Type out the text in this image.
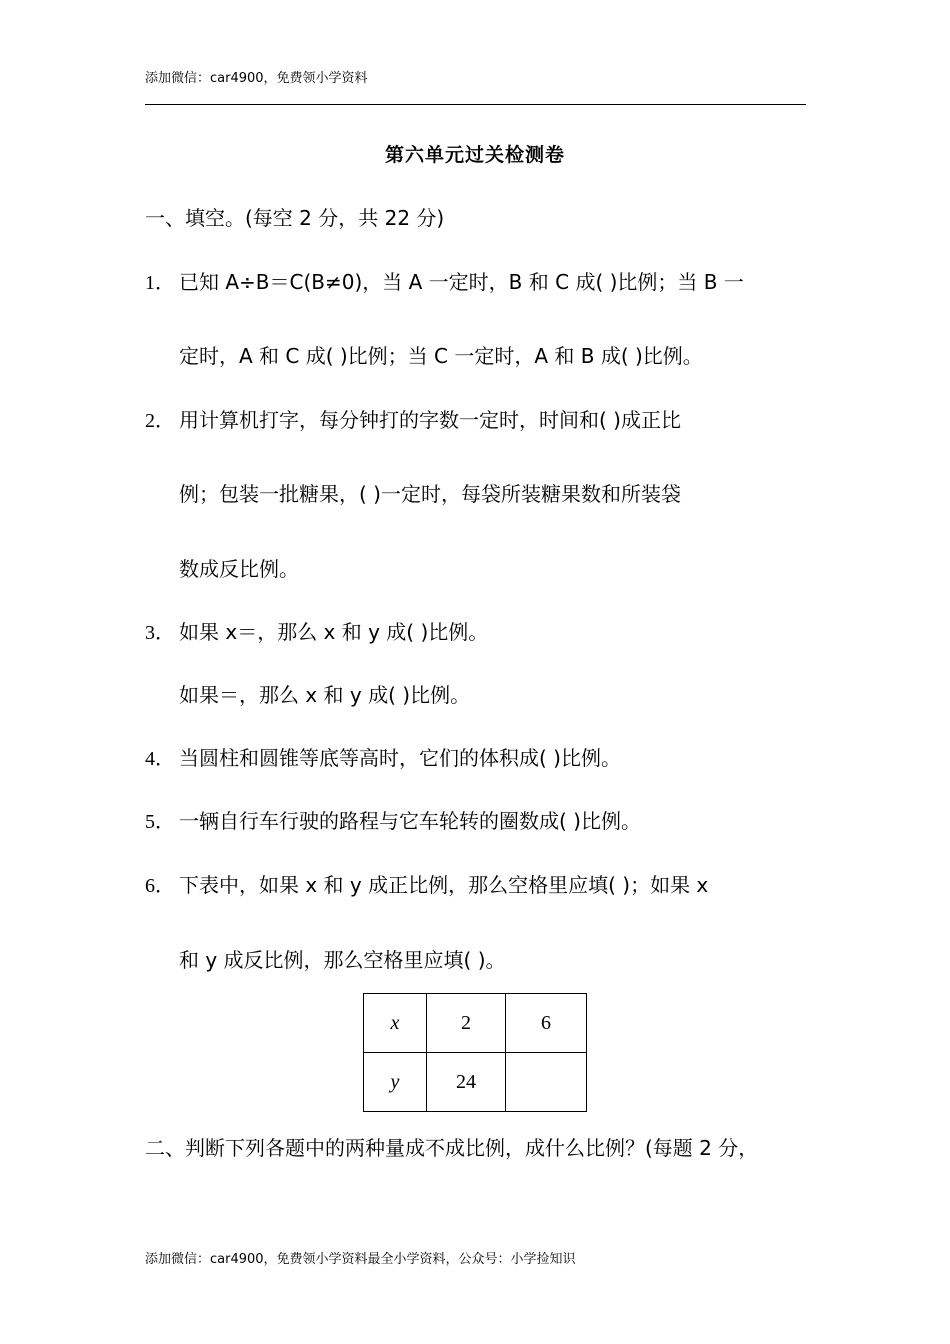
添加微信：car4900，免费领小学资料
第六单元过关检测卷
一、填空。(每空 2 分，共 22 分)
1． 已知 A÷B＝C(B≠0)，当 A 一定时，B 和 C 成( )比例；当 B 一
定时，A 和 C 成( )比例；当 C 一定时，A 和 B 成( )比例。
2． 用计算机打字，每分钟打的字数一定时，时间和( )成正比
例；包装一批糖果，( )一定时，每袋所装糖果数和所装袋
数成反比例。
3． 如果 x＝，那么 x 和 y 成( )比例。
如果＝，那么 x 和 y 成( )比例。
4． 当圆柱和圆锥等底等高时，它们的体积成( )比例。
5． 一辆自行车行驶的路程与它车轮转的圈数成( )比例。
6． 下表中，如果 x 和 y 成正比例，那么空格里应填( )；如果 x
和 y 成反比例，那么空格里应填( )。
x	2	6
y	24	
二、判断下列各题中的两种量成不成比例，成什么比例？(每题 2 分，
添加微信：car4900，免费领小学资料最全小学资料，公众号：小学捡知识
